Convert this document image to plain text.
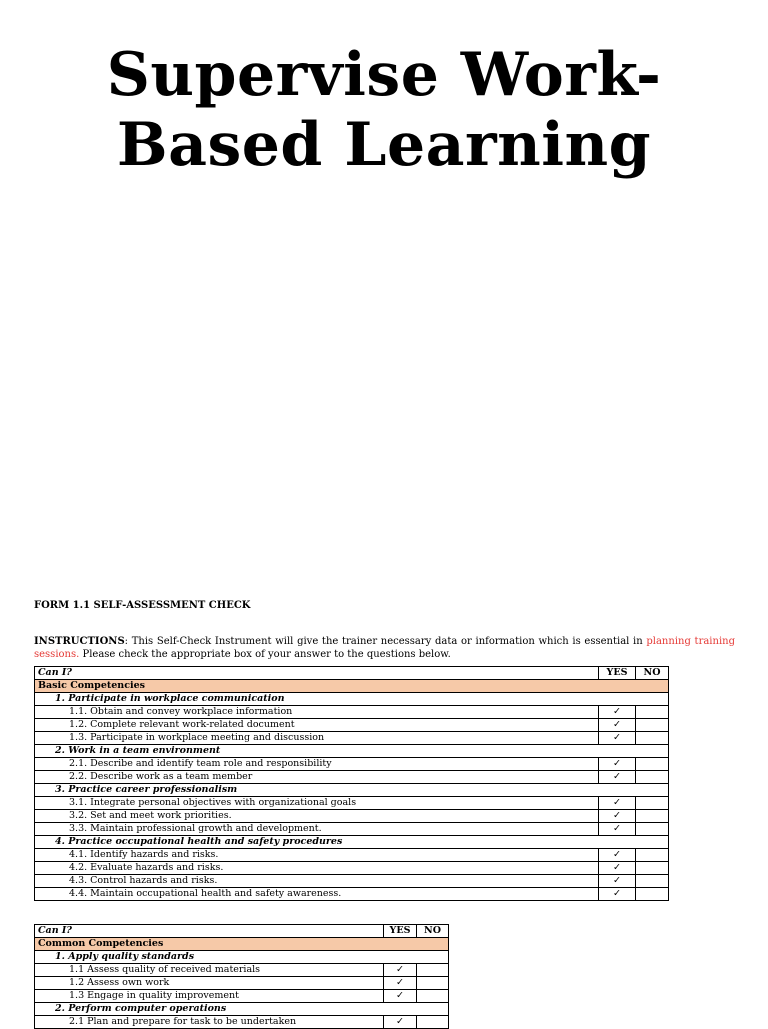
Supervise Work-
Based Learning

FORM 1.1 SELF-ASSESSMENT CHECK

INSTRUCTIONS: This Self-Check Instrument will give the trainer necessary data or information which is essential in planning training sessions. Please check the appropriate box of your answer to the questions below.

Can I?	YES	NO
Basic Competencies		
1. Participate in workplace communication		
1.1. Obtain and convey workplace information	✓	
1.2. Complete relevant work-related document	✓	
1.3. Participate in workplace meeting and discussion	✓	
2. Work in a team environment		
2.1. Describe and identify team role and responsibility	✓	
2.2. Describe work as a team member	✓	
3. Practice career professionalism		
3.1. Integrate personal objectives with organizational goals	✓	
3.2. Set and meet work priorities.	✓	
3.3. Maintain professional growth and development.	✓	
4. Practice occupational health and safety procedures		
4.1. Identify hazards and risks.	✓	
4.2. Evaluate hazards and risks.	✓	
4.3. Control hazards and risks.	✓	
4.4. Maintain occupational health and safety awareness.	✓	
Can I?	YES	NO
Common Competencies		
1. Apply quality standards		
1.1 Assess quality of received materials	✓	
1.2 Assess own work	✓	
1.3 Engage in quality improvement	✓	
2. Perform computer operations		
2.1 Plan and prepare for task to be undertaken	✓	
